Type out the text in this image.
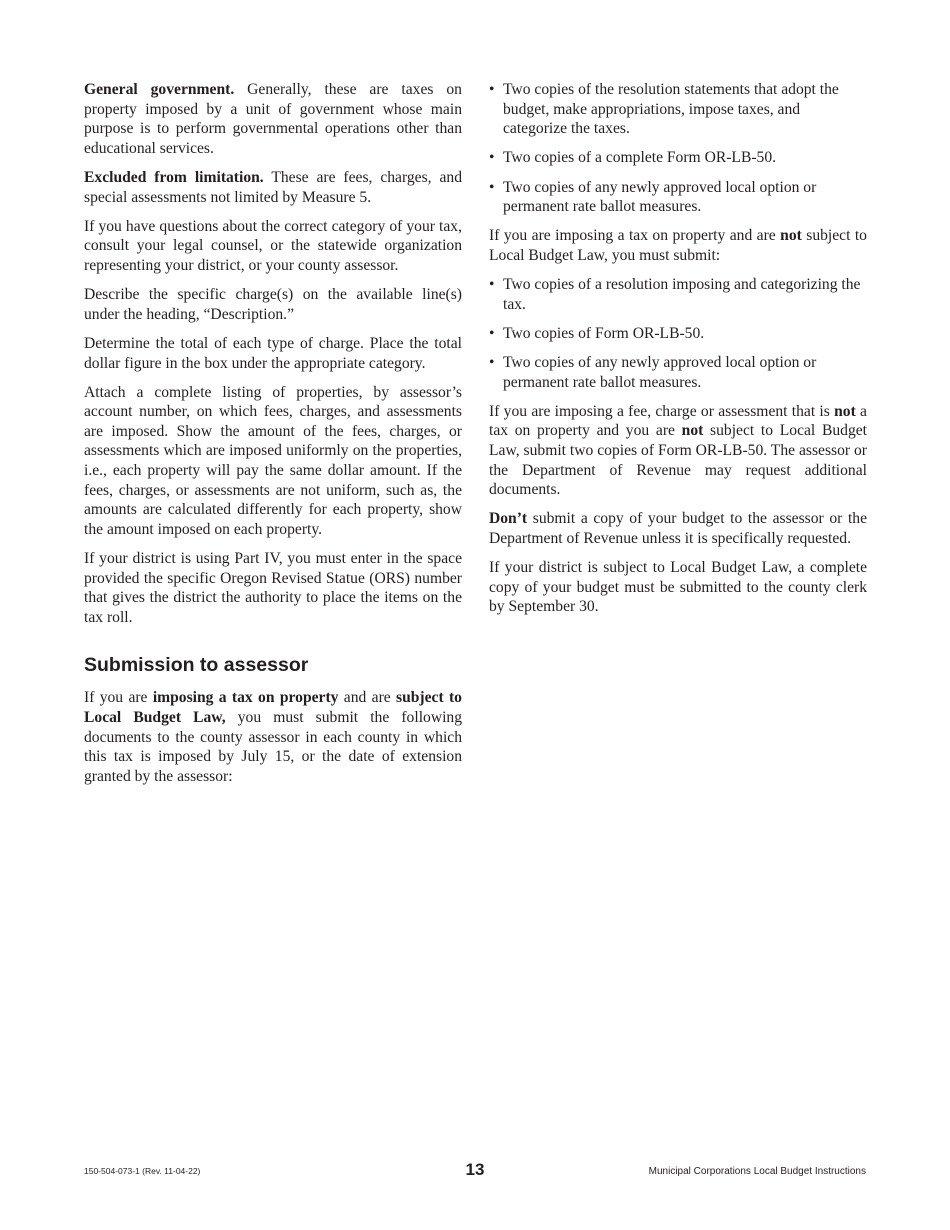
General government. Generally, these are taxes on property imposed by a unit of government whose main purpose is to perform governmental operations other than educational services.

Excluded from limitation. These are fees, charges, and special assessments not limited by Measure 5.

If you have questions about the correct category of your tax, consult your legal counsel, or the statewide organization representing your district, or your county assessor.

Describe the specific charge(s) on the available line(s) under the heading, “Description.”

Determine the total of each type of charge. Place the total dollar figure in the box under the appropriate category.

Attach a complete listing of properties, by assessor’s account number, on which fees, charges, and assessments are imposed. Show the amount of the fees, charges, or assessments which are imposed uniformly on the properties, i.e., each property will pay the same dollar amount. If the fees, charges, or assessments are not uniform, such as, the amounts are calculated differently for each property, show the amount imposed on each property.

If your district is using Part IV, you must enter in the space provided the specific Oregon Revised Statue (ORS) number that gives the district the authority to place the items on the tax roll.

Submission to assessor

If you are imposing a tax on property and are subject to Local Budget Law, you must submit the following documents to the county assessor in each county in which this tax is imposed by July 15, or the date of extension granted by the assessor:

• Two copies of the resolution statements that adopt the budget, make appropriations, impose taxes, and categorize the taxes.
• Two copies of a complete Form OR-LB-50.
• Two copies of any newly approved local option or permanent rate ballot measures.

If you are imposing a tax on property and are not subject to Local Budget Law, you must submit:

• Two copies of a resolution imposing and categorizing the tax.
• Two copies of Form OR-LB-50.
• Two copies of any newly approved local option or permanent rate ballot measures.

If you are imposing a fee, charge or assessment that is not a tax on property and you are not subject to Local Budget Law, submit two copies of Form OR-LB-50. The assessor or the Department of Revenue may request additional documents.

Don’t submit a copy of your budget to the assessor or the Department of Revenue unless it is specifically requested.

If your district is subject to Local Budget Law, a complete copy of your budget must be submitted to the county clerk by September 30.

150-504-073-1 (Rev. 11-04-22)	13	Municipal Corporations Local Budget Instructions
